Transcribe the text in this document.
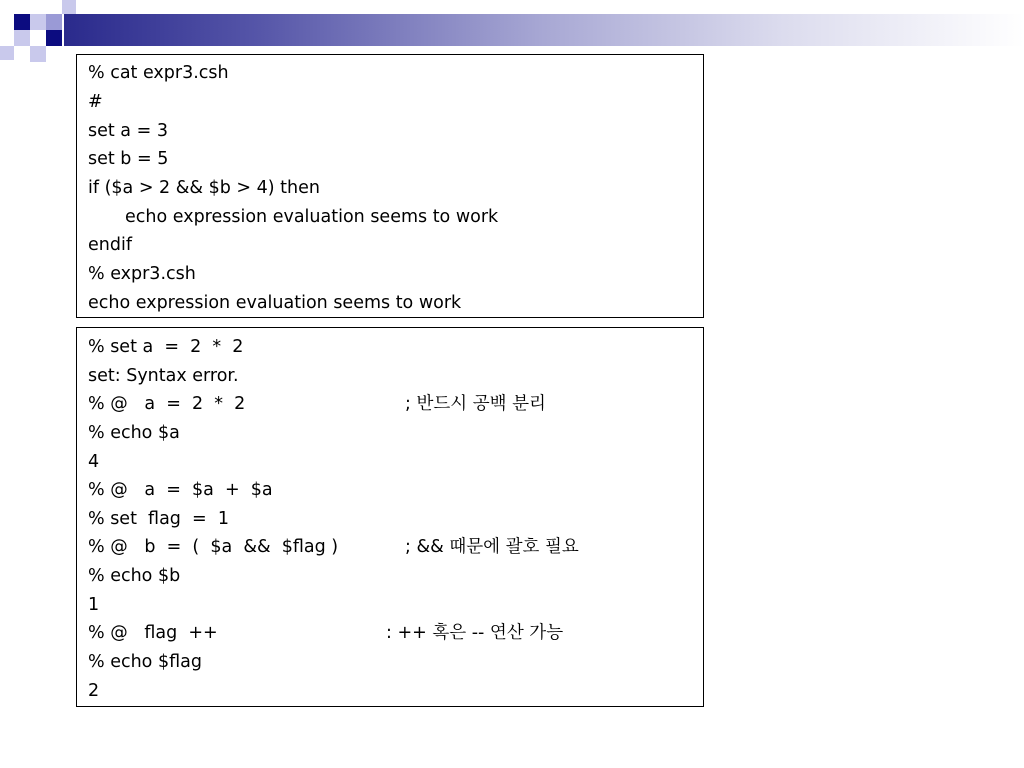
% cat expr3.csh
#
set a = 3
set b = 5
if ($a > 2 && $b > 4) then
echo expression evaluation seems to work
endif
% expr3.csh
echo expression evaluation seems to work
% set a  =  2  *  2
set: Syntax error.
% @   a  =  2  *  2	; 반드시 공백 분리
% echo $a
4
% @   a  =  $a  +  $a
% set  flag  =  1
% @   b  =  (  $a  &&  $flag )	; && 때문에 괄호 필요
% echo $b
1
% @   flag  ++	: ++ 혹은 -- 연산 가능
% echo $flag
2
